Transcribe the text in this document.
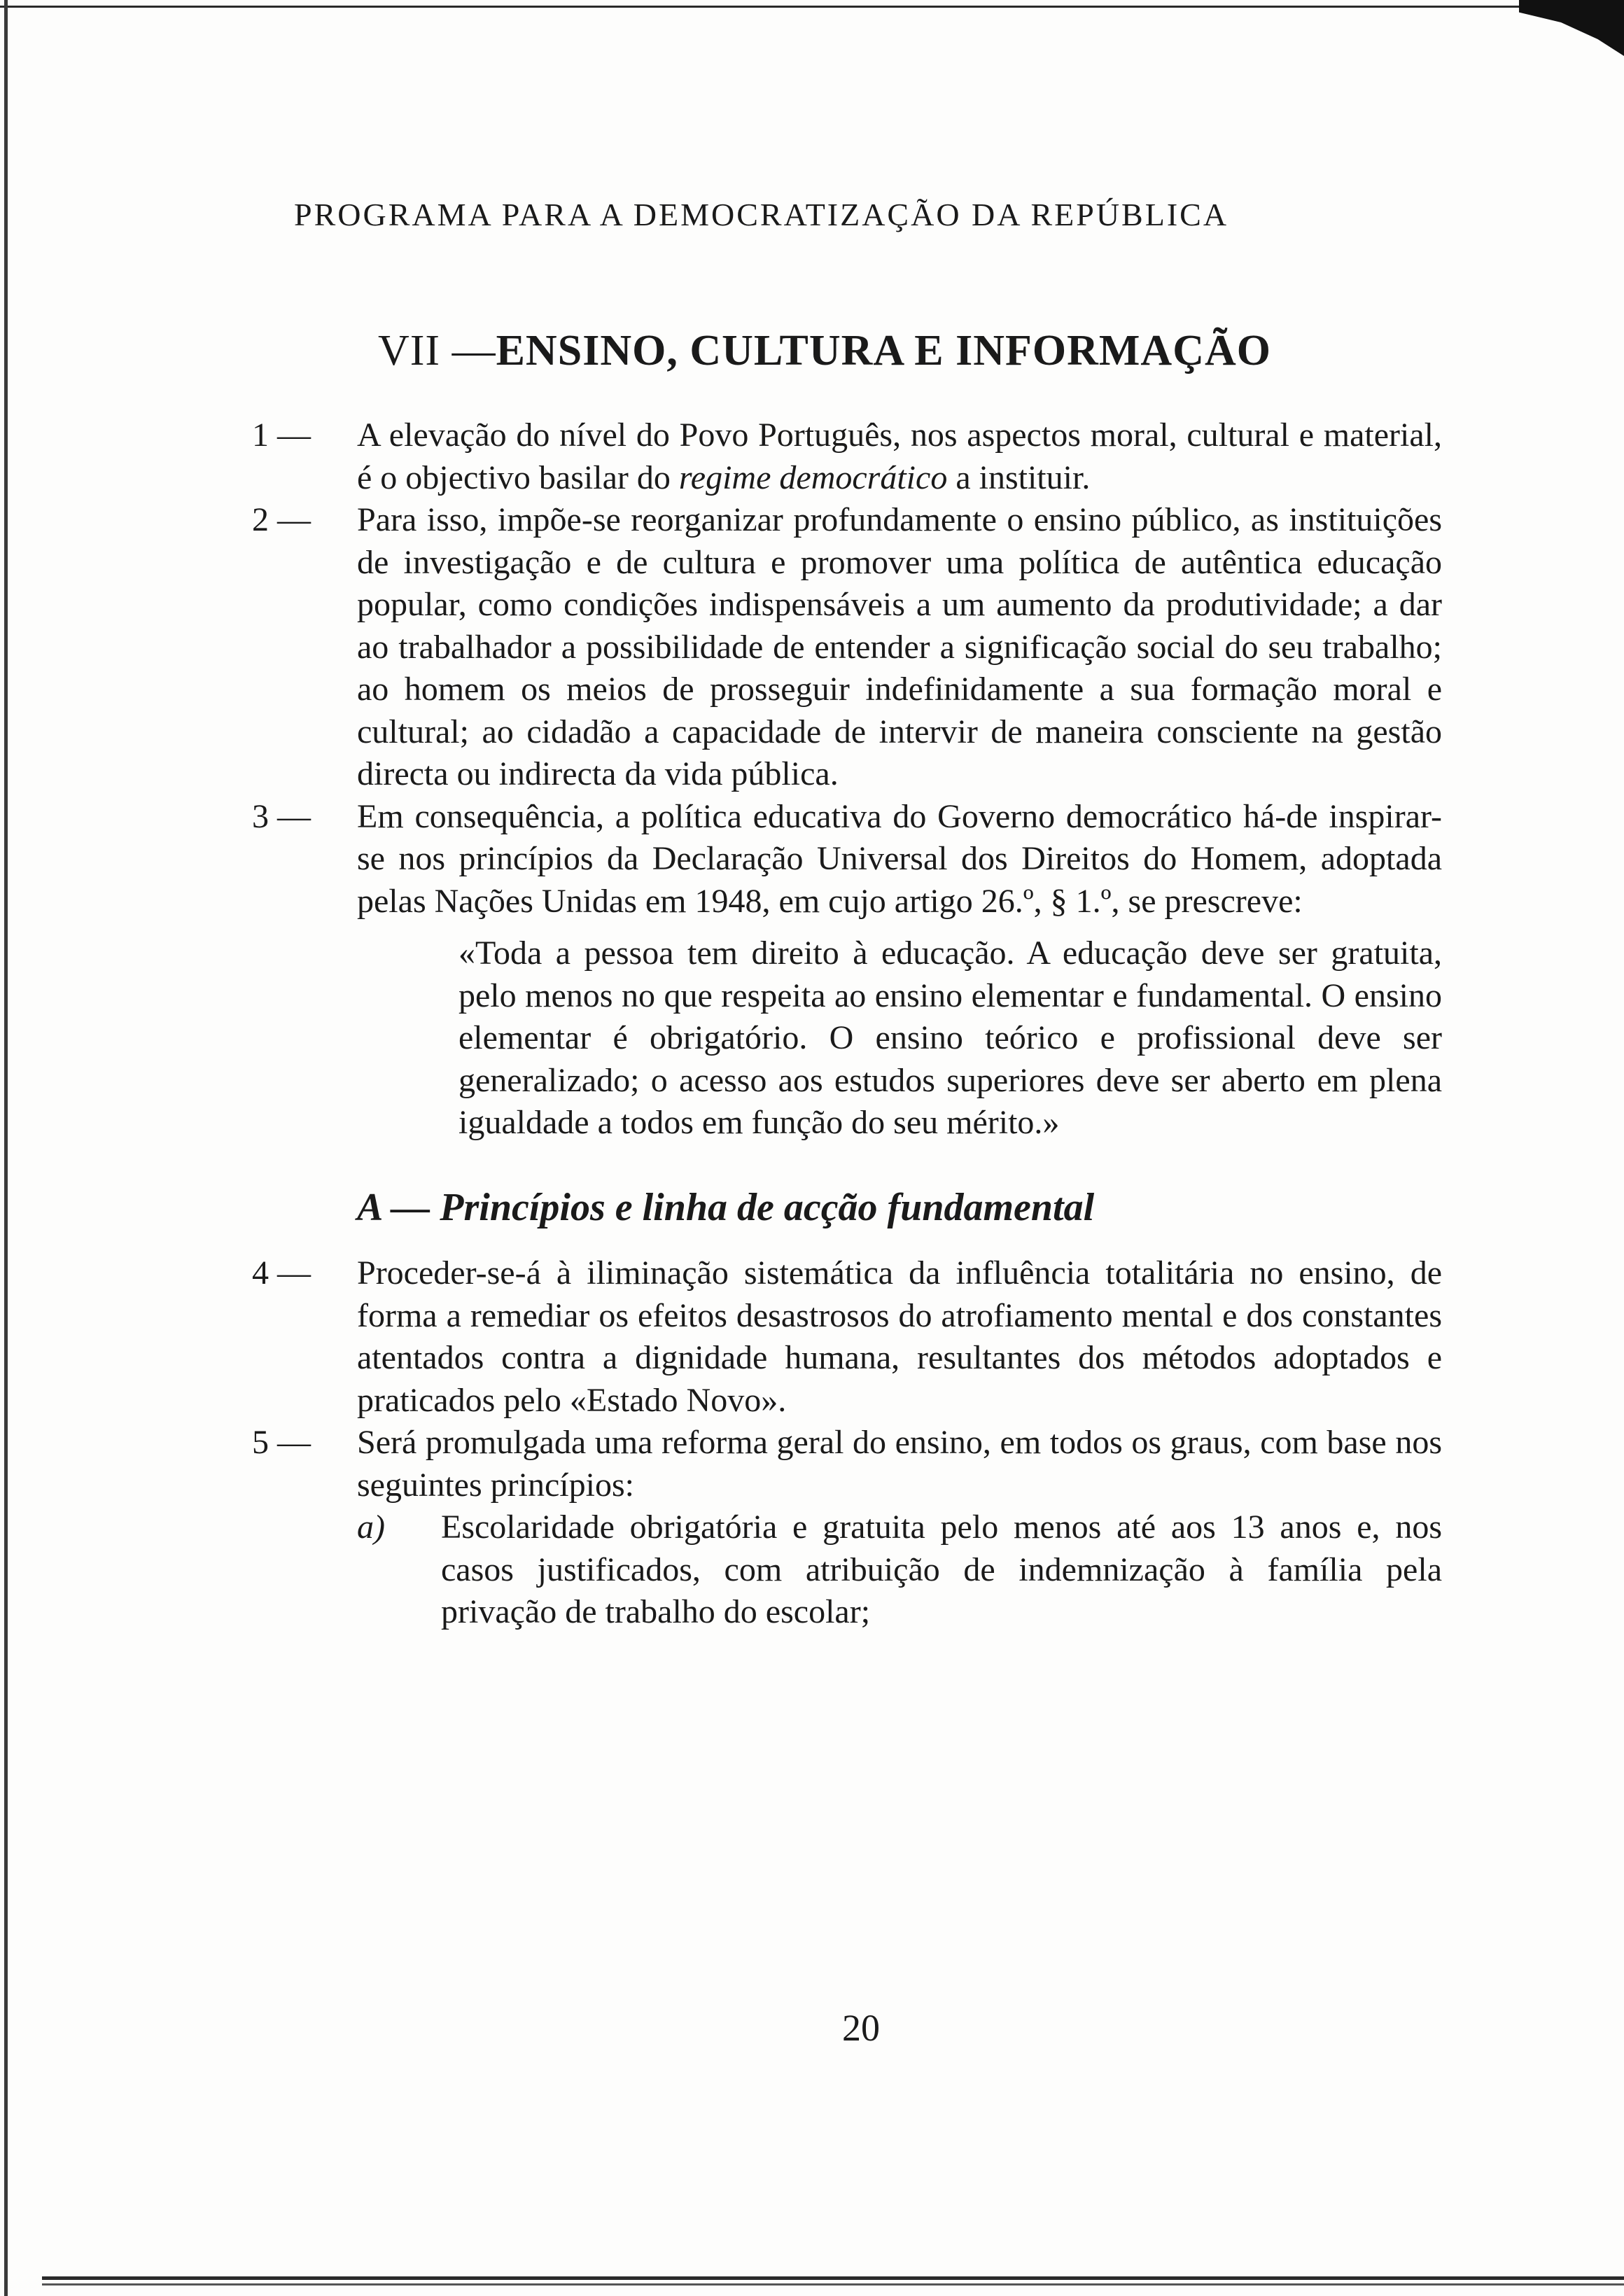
PROGRAMA PARA A DEMOCRATIZAÇÃO DA REPÚBLICA
VII —ENSINO, CULTURA E INFORMAÇÃO
1 —	A elevação do nível do Povo Português, nos aspectos moral, cultural e material, é o objectivo basilar do regime democrático a instituir.
2 —	Para isso, impõe-se reorganizar profundamente o ensino público, as instituições de investigação e de cultura e promover uma política de autêntica educação popular, como condições indispensáveis a um aumento da produtividade; a dar ao trabalhador a possibilidade de entender a significação social do seu trabalho; ao homem os meios de prosseguir indefinidamente a sua formação moral e cultural; ao cidadão a capacidade de intervir de maneira consciente na gestão directa ou indirecta da vida pública.
3 —	Em consequência, a política educativa do Governo democrático há-de inspirar-se nos princípios da Declaração Universal dos Direitos do Homem, adoptada pelas Nações Unidas em 1948, em cujo artigo 26.º, § 1.º, se prescreve:
«Toda a pessoa tem direito à educação. A educação deve ser gratuita, pelo menos no que respeita ao ensino elementar e fundamental. O ensino elementar é obrigatório. O ensino teórico e profissional deve ser generalizado; o acesso aos estudos superiores deve ser aberto em plena igualdade a todos em função do seu mérito.»
A — Princípios e linha de acção fundamental
4 —	Proceder-se-á à iliminação sistemática da influência totalitária no ensino, de forma a remediar os efeitos desastrosos do atrofiamento mental e dos constantes atentados contra a dignidade humana, resultantes dos métodos adoptados e praticados pelo «Estado Novo».
5 —	Será promulgada uma reforma geral do ensino, em todos os graus, com base nos seguintes princípios:
a)	Escolaridade obrigatória e gratuita pelo menos até aos 13 anos e, nos casos justificados, com atribuição de indemnização à família pela privação de trabalho do escolar;
20
